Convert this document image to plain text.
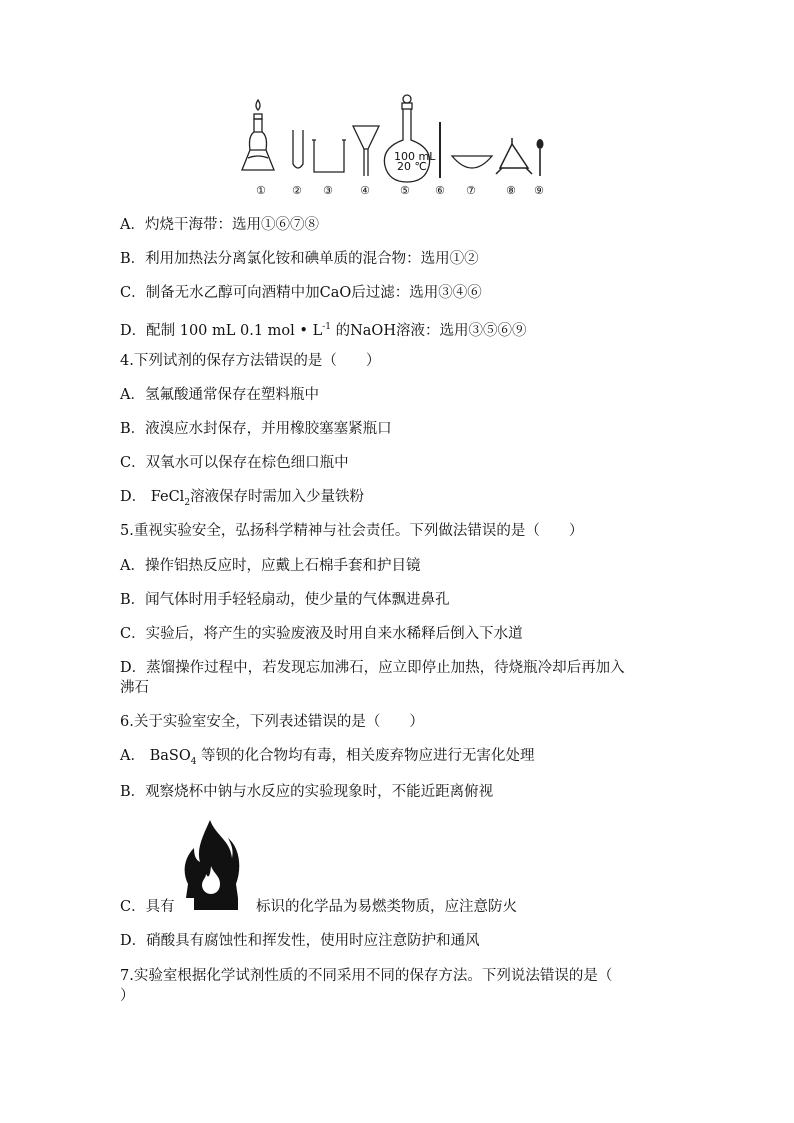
100 mL
20 ℃
① ② ③ ④	⑤ ⑥ ⑦	⑧ ⑨
A．灼烧干海带：选用①⑥⑦⑧
B．利用加热法分离氯化铵和碘单质的混合物：选用①②
C．制备无水乙醇可向酒精中加CaO后过滤：选用③④⑥
D．配制 100 mL 0.1 mol • $L^{-1}$ 的NaOH溶液：选用③⑤⑥⑨
4.下列试剂的保存方法错误的是（　　）
A．氢氟酸通常保存在塑料瓶中
B．液溴应水封保存，并用橡胶塞塞紧瓶口
C．双氧水可以保存在棕色细口瓶中
D． FeCl$_2$溶液保存时需加入少量铁粉
5.重视实验安全，弘扬科学精神与社会责任。下列做法错误的是（　　）
A．操作铝热反应时，应戴上石棉手套和护目镜
B．闻气体时用手轻轻扇动，使少量的气体飘进鼻孔
C．实验后，将产生的实验废液及时用自来水稀释后倒入下水道
D．蒸馏操作过程中，若发现忘加沸石，应立即停止加热，待烧瓶冷却后再加入
沸石
6.关于实验室安全，下列表述错误的是（　　）
A． BaSO$_4$ 等钡的化合物均有毒，相关废弃物应进行无害化处理
B．观察烧杯中钠与水反应的实验现象时，不能近距离俯视
C．具有	标识的化学品为易燃类物质，应注意防火
D．硝酸具有腐蚀性和挥发性，使用时应注意防护和通风
7.实验室根据化学试剂性质的不同采用不同的保存方法。下列说法错误的是（
）
